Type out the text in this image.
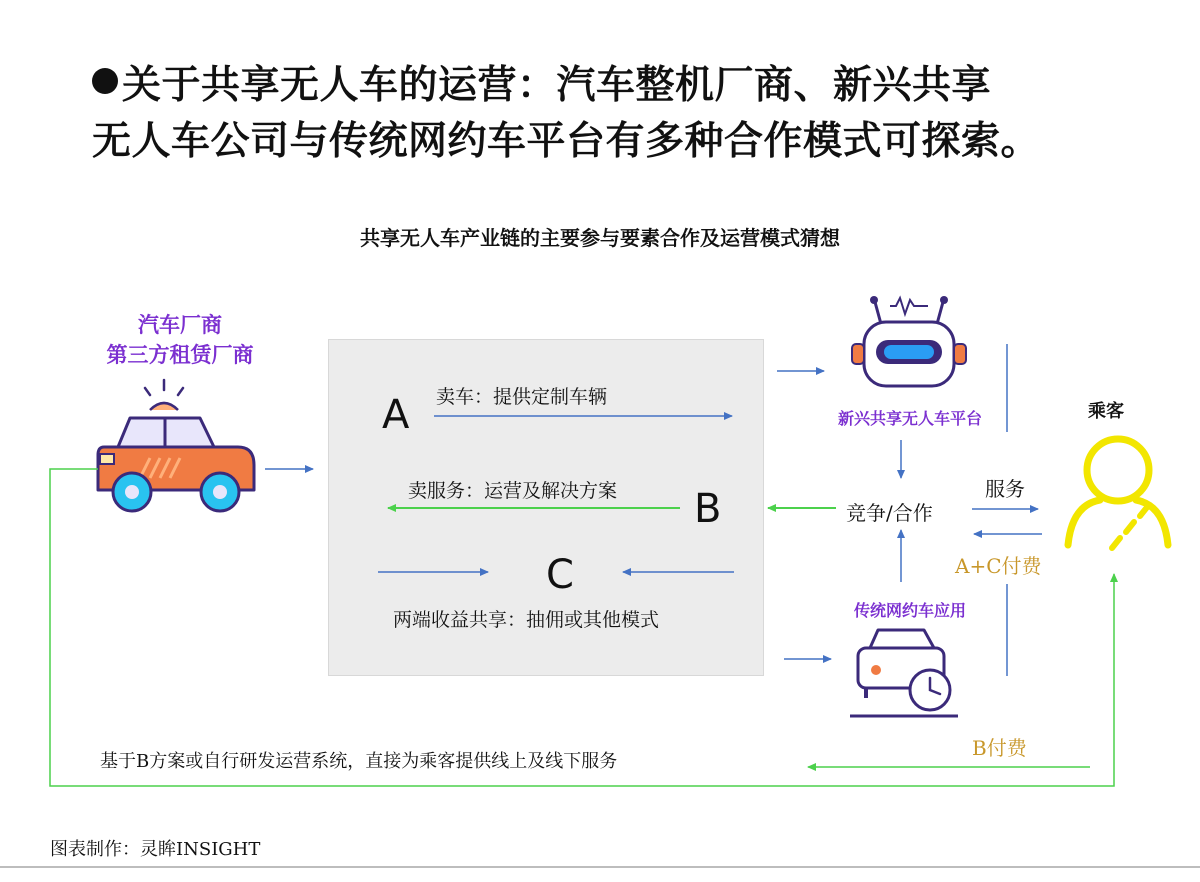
关于共享无人车的运营：汽车整机厂商、新兴共享
无人车公司与传统网约车平台有多种合作模式可探索。
共享无人车产业链的主要参与要素合作及运营模式猜想
汽车厂商
第三方租赁厂商
A 卖车：提供定制车辆
卖服务：运营及解决方案 B
C
两端收益共享：抽佣或其他模式
新兴共享无人车平台
传统网约车应用
竞争/合作
服务
A+C付费
B付费
乘客
基于B方案或自行研发运营系统，直接为乘客提供线上及线下服务
图表制作：灵眸INSIGHT
